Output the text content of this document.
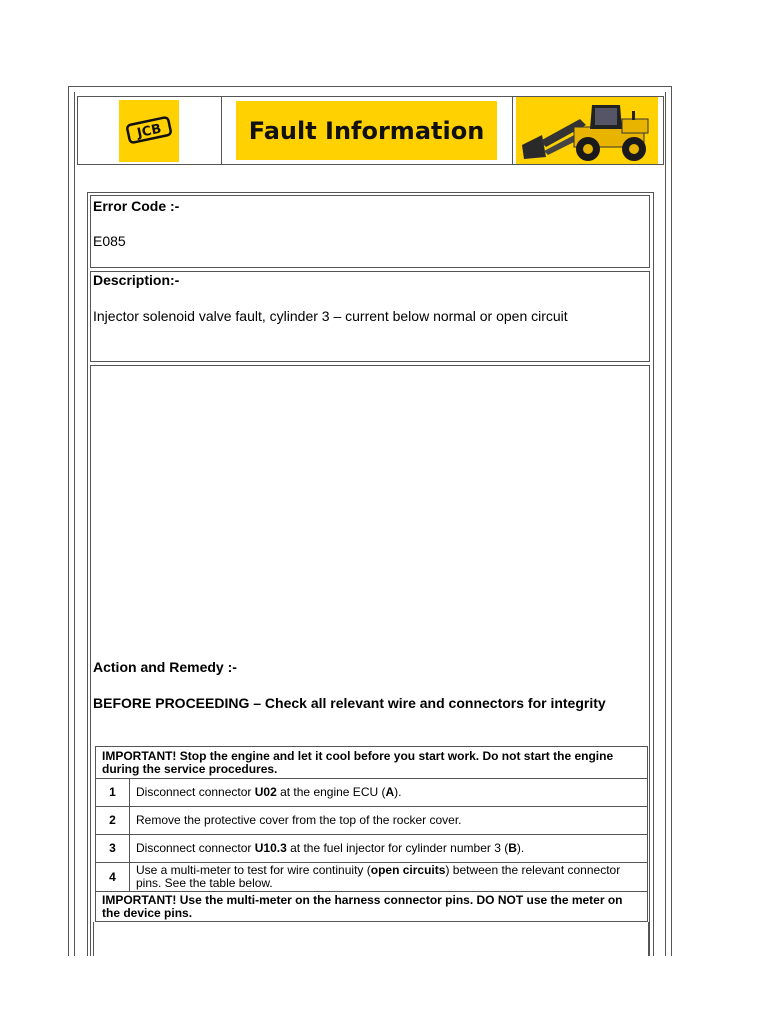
JCB	Fault Information
Error Code :-
E085
Description:-
Injector solenoid valve fault, cylinder 3 – current below normal or open circuit
Action and Remedy :-
BEFORE PROCEEDING – Check all relevant wire and connectors for integrity
IMPORTANT! Stop the engine and let it cool before you start work. Do not start the engine during the service procedures.	
1	Disconnect connector U02 at the engine ECU (A).
2	Remove the protective cover from the top of the rocker cover.
3	Disconnect connector U10.3 at the fuel injector for cylinder number 3 (B).
4	Use a multi-meter to test for wire continuity (open circuits) between the relevant connector pins. See the table below.
IMPORTANT! Use the multi-meter on the harness connector pins. DO NOT use the meter on the device pins.	
